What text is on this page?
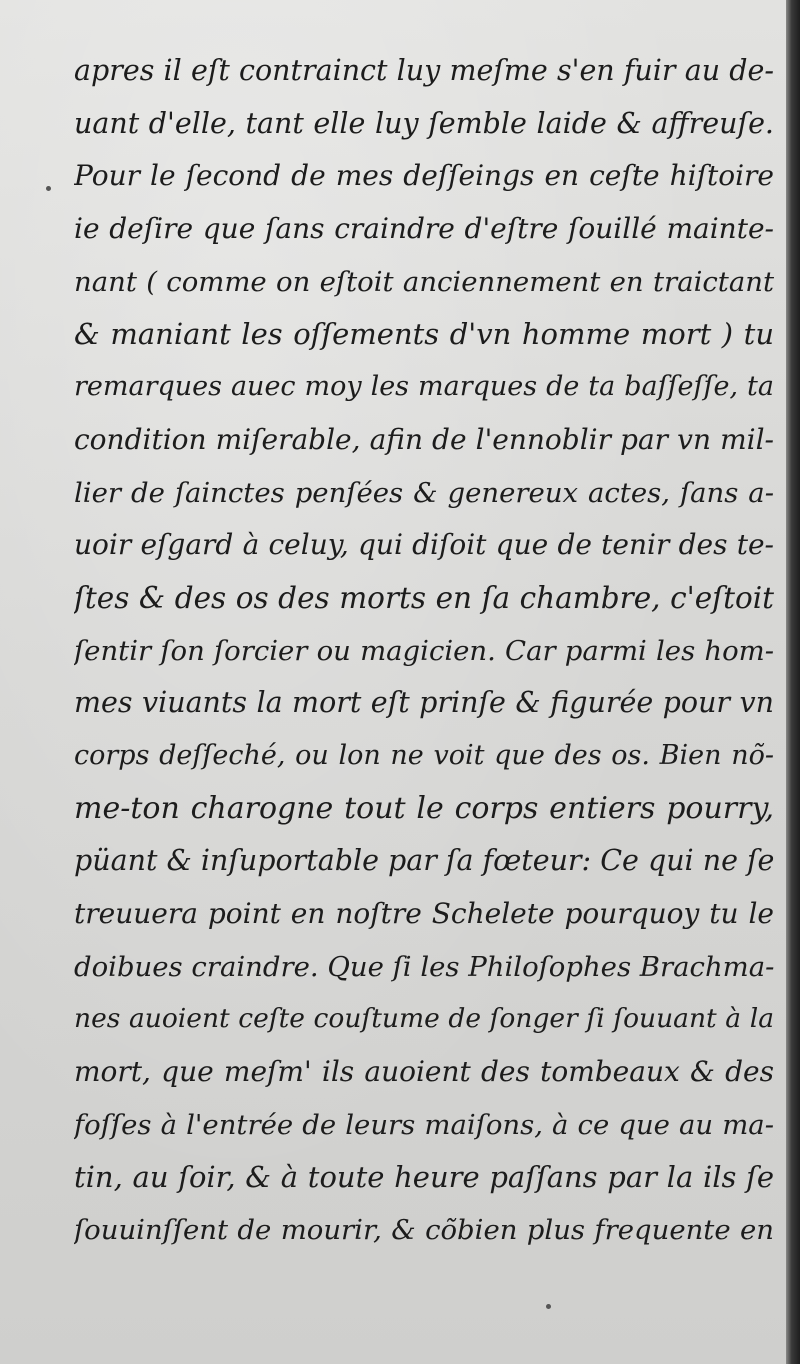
apres il eſt contrainct luy meſme s'en fuir au de-
uant d'elle, tant elle luy ſemble laide & affreuſe.
Pour le ſecond de mes deſſeings en ceſte hiſtoire
ie deſire que ſans craindre d'eſtre ſouillé mainte-
nant ( comme on eſtoit anciennement en traictant
& maniant les oſſements d'vn homme mort ) tu
remarques auec moy les marques de ta baſſeſſe, ta
condition miſerable, afin de l'ennoblir par vn mil-
lier de ſainctes penſées & genereux actes, ſans a-
uoir eſgard à celuy, qui diſoit que de tenir des te-
ſtes & des os des morts en ſa chambre, c'eſtoit
ſentir ſon ſorcier ou magicien. Car parmi les hom-
mes viuants la mort eſt prinſe & figurée pour vn
corps deſſeché, ou lon ne voit que des os. Bien nõ-
me-ton charogne tout le corps entiers pourry,
püant & inſuportable par ſa fœteur: Ce qui ne ſe
treuuera point en noſtre Schelete pourquoy tu le
doibues craindre. Que ſi les Philoſophes Brachma-
nes auoient ceſte couſtume de ſonger ſi ſouuant à la
mort, que meſm' ils auoient des tombeaux & des
foſſes à l'entrée de leurs maiſons, à ce que au ma-
tin, au ſoir, & à toute heure paſſans par la ils ſe
ſouuinſſent de mourir, & cõbien plus frequente en
